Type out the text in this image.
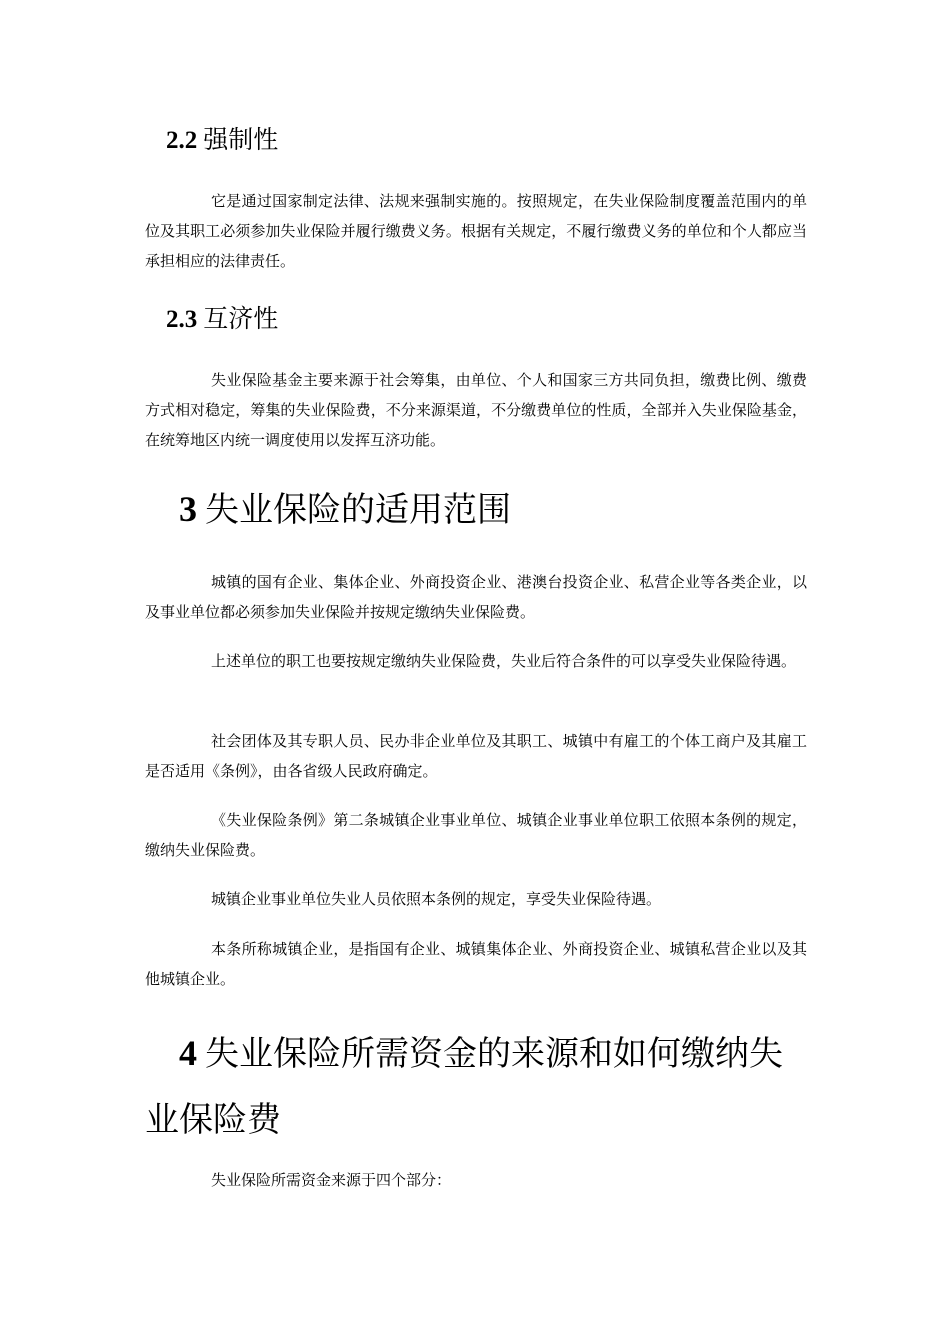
2.2 强制性

它是通过国家制定法律、法规来强制实施的。按照规定，在失业保险制度覆盖范围内的单位及其职工必须参加失业保险并履行缴费义务。根据有关规定，不履行缴费义务的单位和个人都应当承担相应的法律责任。

2.3 互济性

失业保险基金主要来源于社会筹集，由单位、个人和国家三方共同负担，缴费比例、缴费方式相对稳定，筹集的失业保险费，不分来源渠道，不分缴费单位的性质，全部并入失业保险基金，在统筹地区内统一调度使用以发挥互济功能。

3 失业保险的适用范围

城镇的国有企业、集体企业、外商投资企业、港澳台投资企业、私营企业等各类企业，以及事业单位都必须参加失业保险并按规定缴纳失业保险费。

上述单位的职工也要按规定缴纳失业保险费，失业后符合条件的可以享受失业保险待遇。

社会团体及其专职人员、民办非企业单位及其职工、城镇中有雇工的个体工商户及其雇工是否适用《条例》，由各省级人民政府确定。

《失业保险条例》第二条城镇企业事业单位、城镇企业事业单位职工依照本条例的规定，缴纳失业保险费。

城镇企业事业单位失业人员依照本条例的规定，享受失业保险待遇。

本条所称城镇企业，是指国有企业、城镇集体企业、外商投资企业、城镇私营企业以及其他城镇企业。

4 失业保险所需资金的来源和如何缴纳失业保险费

失业保险所需资金来源于四个部分：
